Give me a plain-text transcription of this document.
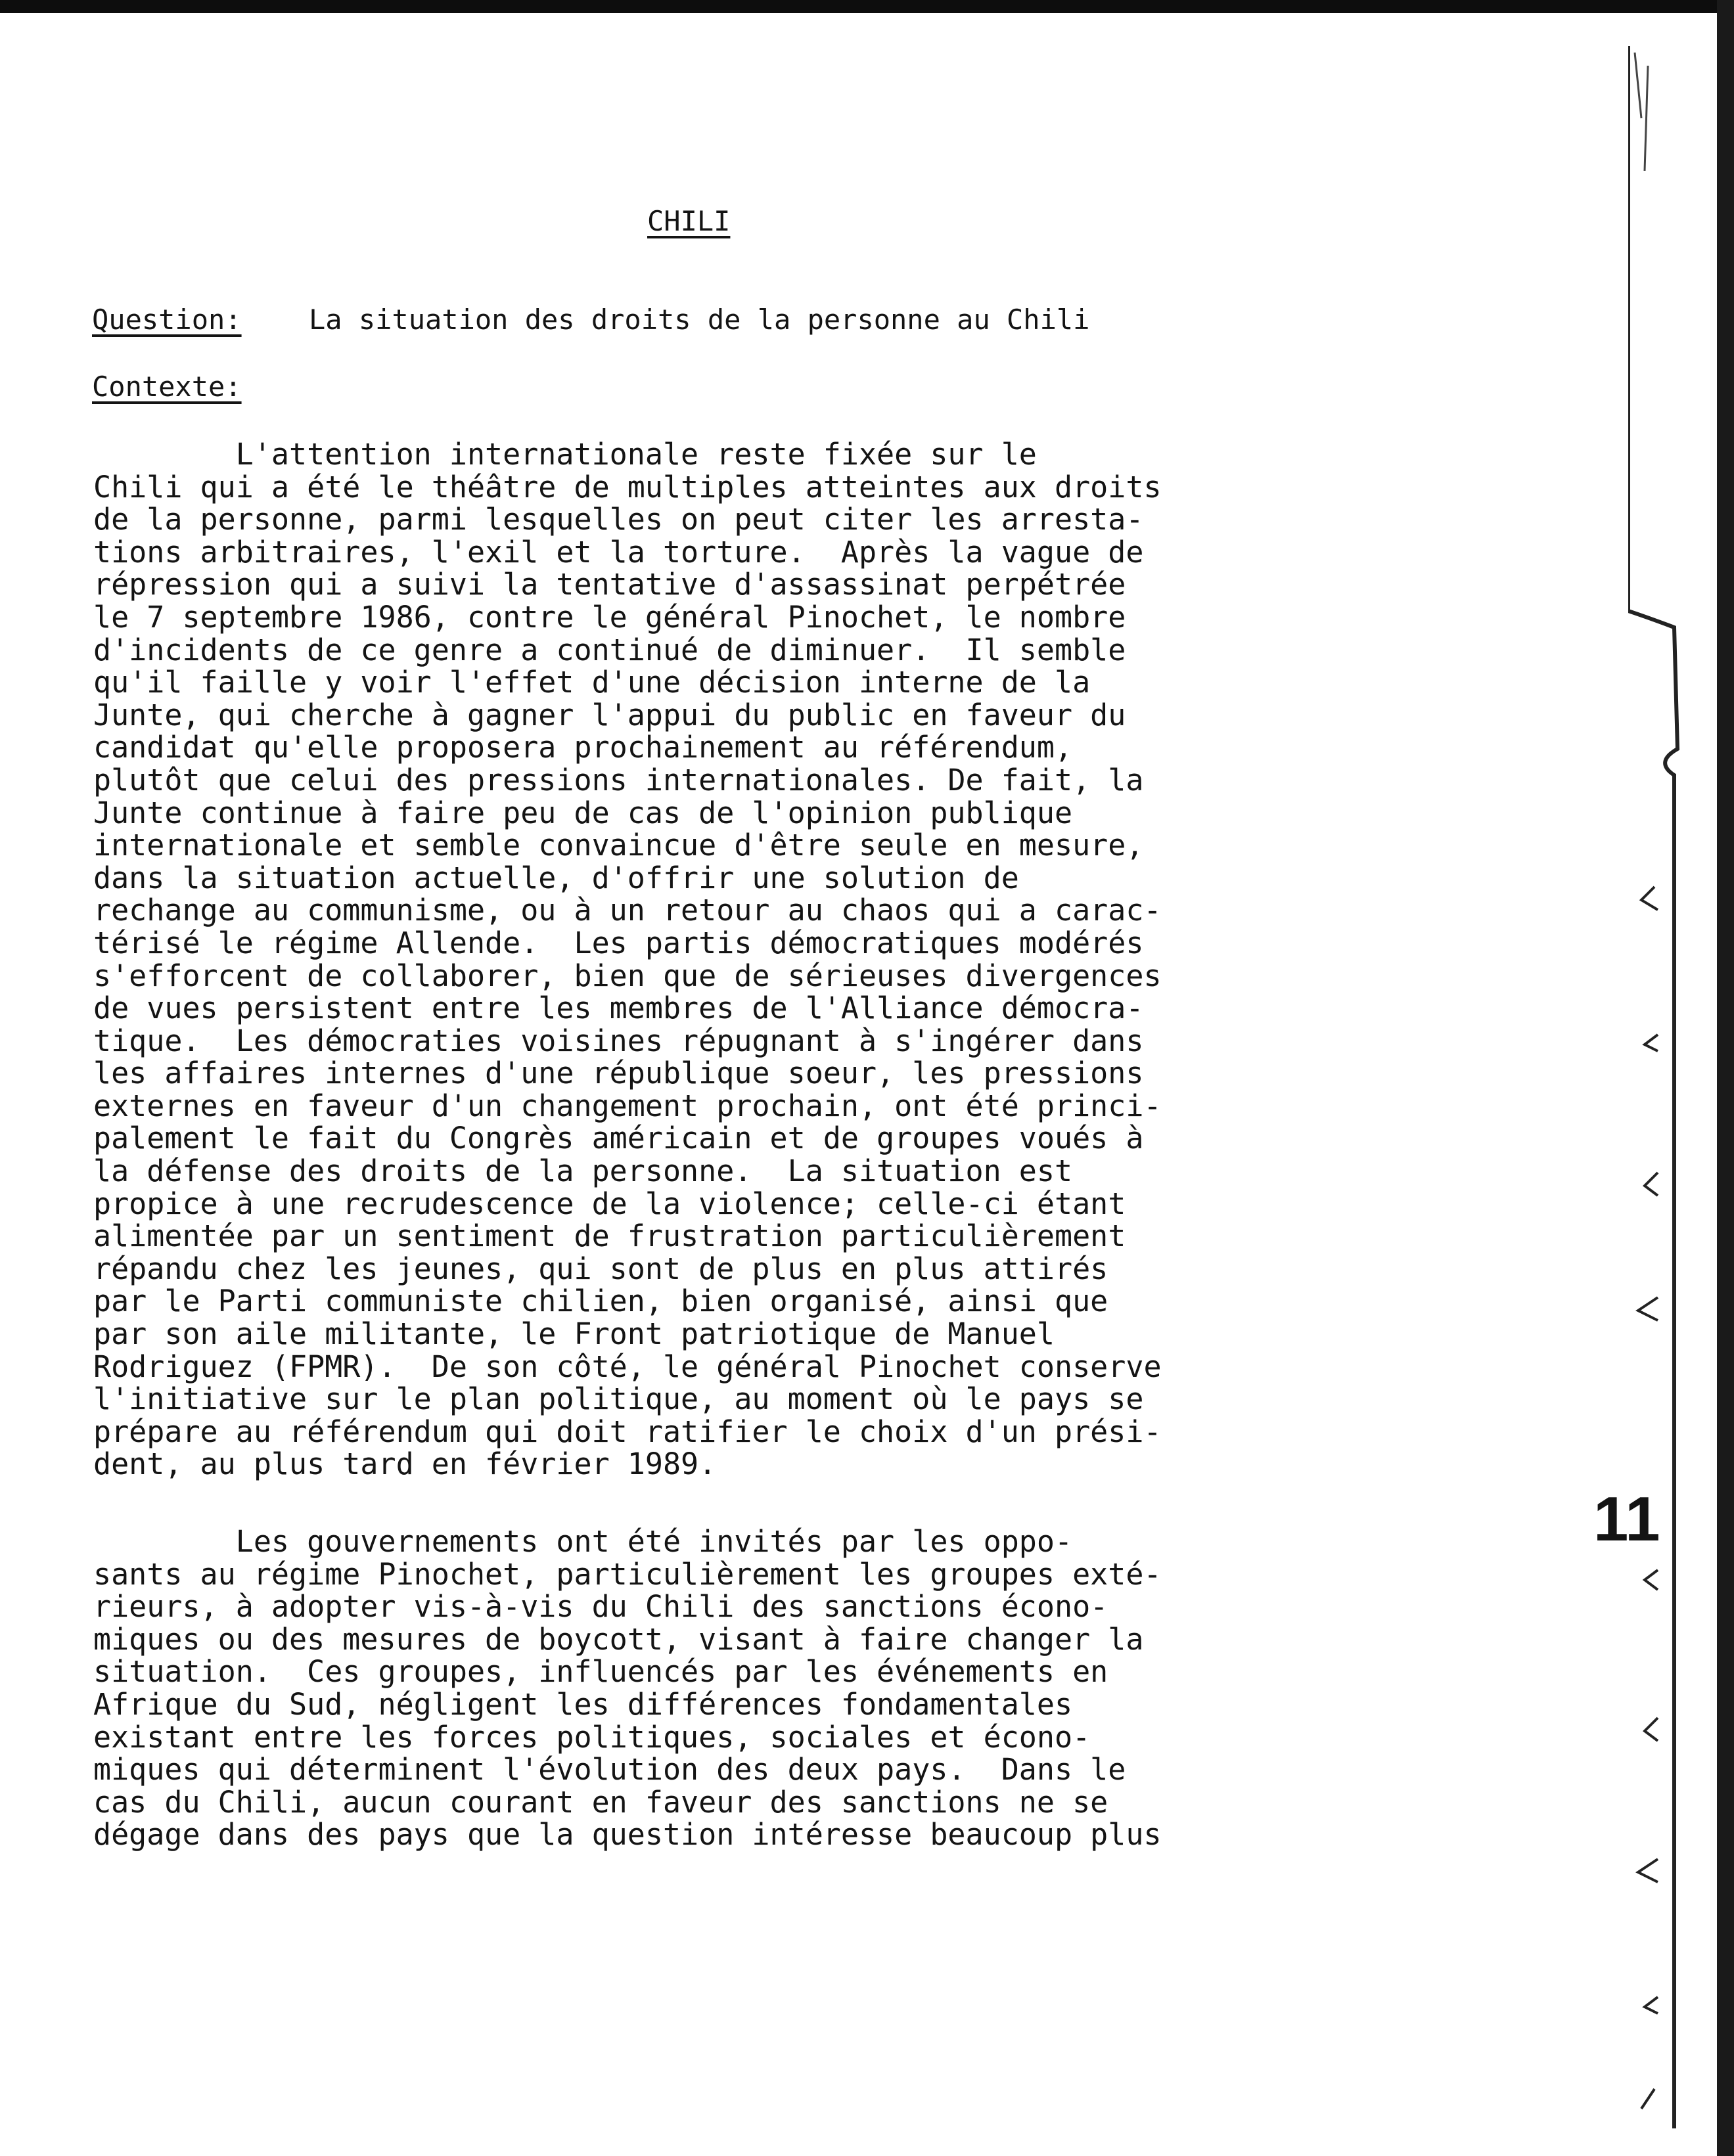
CHILI
Question: La situation des droits de la personne au Chili
Contexte:
L'attention internationale reste fixée sur le
Chili qui a été le théâtre de multiples atteintes aux droits
de la personne, parmi lesquelles on peut citer les arresta-
tions arbitraires, l'exil et la torture.  Après la vague de
répression qui a suivi la tentative d'assassinat perpétrée
le 7 septembre 1986, contre le général Pinochet, le nombre
d'incidents de ce genre a continué de diminuer.  Il semble
qu'il faille y voir l'effet d'une décision interne de la
Junte, qui cherche à gagner l'appui du public en faveur du
candidat qu'elle proposera prochainement au référendum,
plutôt que celui des pressions internationales. De fait, la
Junte continue à faire peu de cas de l'opinion publique
internationale et semble convaincue d'être seule en mesure,
dans la situation actuelle, d'offrir une solution de
rechange au communisme, ou à un retour au chaos qui a carac-
térisé le régime Allende.  Les partis démocratiques modérés
s'efforcent de collaborer, bien que de sérieuses divergences
de vues persistent entre les membres de l'Alliance démocra-
tique.  Les démocraties voisines répugnant à s'ingérer dans
les affaires internes d'une république soeur, les pressions
externes en faveur d'un changement prochain, ont été princi-
palement le fait du Congrès américain et de groupes voués à
la défense des droits de la personne.  La situation est
propice à une recrudescence de la violence; celle-ci étant
alimentée par un sentiment de frustration particulièrement
répandu chez les jeunes, qui sont de plus en plus attirés
par le Parti communiste chilien, bien organisé, ainsi que
par son aile militante, le Front patriotique de Manuel
Rodriguez (FPMR).  De son côté, le général Pinochet conserve
l'initiative sur le plan politique, au moment où le pays se
prépare au référendum qui doit ratifier le choix d'un prési-
dent, au plus tard en février 1989.
Les gouvernements ont été invités par les oppo-
sants au régime Pinochet, particulièrement les groupes exté-
rieurs, à adopter vis-à-vis du Chili des sanctions écono-
miques ou des mesures de boycott, visant à faire changer la
situation.  Ces groupes, influencés par les événements en
Afrique du Sud, négligent les différences fondamentales
existant entre les forces politiques, sociales et écono-
miques qui déterminent l'évolution des deux pays.  Dans le
cas du Chili, aucun courant en faveur des sanctions ne se
dégage dans des pays que la question intéresse beaucoup plus
11
